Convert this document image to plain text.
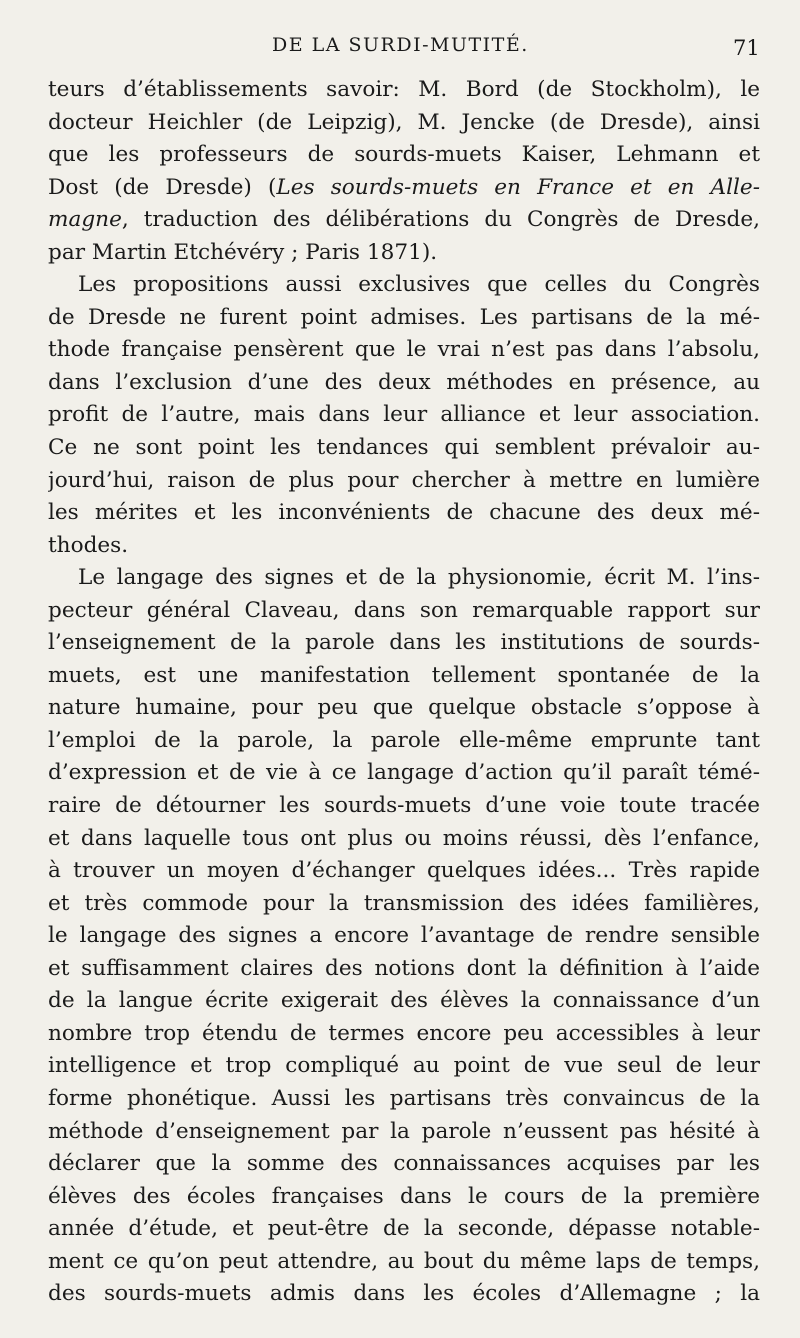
DE LA SURDI-MUTITÉ.	71
teurs d’établissements savoir: M. Bord (de Stockholm), le
docteur Heichler (de Leipzig), M. Jencke (de Dresde), ainsi
que les professeurs de sourds-muets Kaiser, Lehmann et
Dost (de Dresde) (Les sourds-muets en France et en Alle-
magne, traduction des délibérations du Congrès de Dresde,
par Martin Etchévéry ; Paris 1871).
Les propositions aussi exclusives que celles du Congrès
de Dresde ne furent point admises. Les partisans de la mé-
thode française pensèrent que le vrai n’est pas dans l’absolu,
dans l’exclusion d’une des deux méthodes en présence, au
profit de l’autre, mais dans leur alliance et leur association.
Ce ne sont point les tendances qui semblent prévaloir au-
jourd’hui, raison de plus pour chercher à mettre en lumière
les mérites et les inconvénients de chacune des deux mé-
thodes.
Le langage des signes et de la physionomie, écrit M. l’ins-
pecteur général Claveau, dans son remarquable rapport sur
l’enseignement de la parole dans les institutions de sourds-
muets, est une manifestation tellement spontanée de la
nature humaine, pour peu que quelque obstacle s’oppose à
l’emploi de la parole, la parole elle-même emprunte tant
d’expression et de vie à ce langage d’action qu’il paraît témé-
raire de détourner les sourds-muets d’une voie toute tracée
et dans laquelle tous ont plus ou moins réussi, dès l’enfance,
à trouver un moyen d’échanger quelques idées... Très rapide
et très commode pour la transmission des idées familières,
le langage des signes a encore l’avantage de rendre sensible
et suffisamment claires des notions dont la définition à l’aide
de la langue écrite exigerait des élèves la connaissance d’un
nombre trop étendu de termes encore peu accessibles à leur
intelligence et trop compliqué au point de vue seul de leur
forme phonétique. Aussi les partisans très convaincus de la
méthode d’enseignement par la parole n’eussent pas hésité à
déclarer que la somme des connaissances acquises par les
élèves des écoles françaises dans le cours de la première
année d’étude, et peut-être de la seconde, dépasse notable-
ment ce qu’on peut attendre, au bout du même laps de temps,
des sourds-muets admis dans les écoles d’Allemagne ; la
